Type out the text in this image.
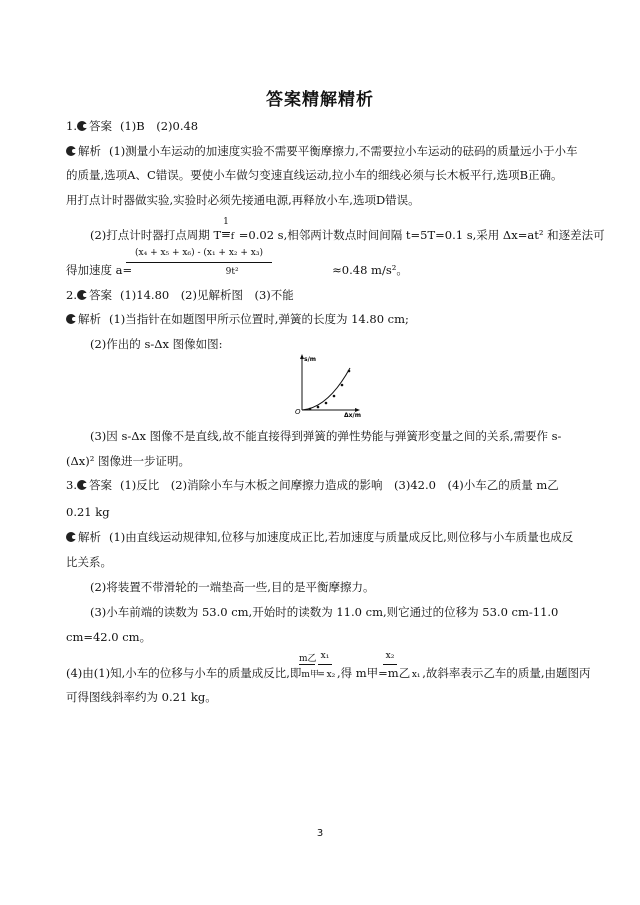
答案精解精析
1. 答案 (1)B　(2)0.48
解析 (1)测量小车运动的加速度实验不需要平衡摩擦力,不需要拉小车运动的砝码的质量远小于小车
的质量,选项A、C错误。要使小车做匀变速直线运动,拉小车的细线必须与长木板平行,选项B正确。
用打点计时器做实验,实验时必须先接通电源,再释放小车,选项D错误。
1
(2)打点计时器打点周期 T=f =0.02 s,相邻两计数点时间间隔 t=5T=0.1 s,采用 Δx=at² 和逐差法可
(x₄ + x₅ + x₆) - (x₁ + x₂ + x₃)
得加速度 a=	9t²	≈0.48 m/s²。
2. 答案 (1)14.80　(2)见解析图　(3)不能
解析 (1)当指针在如题图甲所示位置时,弹簧的长度为 14.80 cm;
(2)作出的 s-Δx 图像如图:
s/m
Δx/m
O
(3)因 s-Δx 图像不是直线,故不能直接得到弹簧的弹性势能与弹簧形变量之间的关系,需要作 s-
(Δx)² 图像进一步证明。
3. 答案 (1)反比　(2)消除小车与木板之间摩擦力造成的影响　(3)42.0　(4)小车乙的质量 m乙
0.21 kg
解析 (1)由直线运动规律知,位移与加速度成正比,若加速度与质量成反比,则位移与小车质量也成反
比关系。
(2)将装置不带滑轮的一端垫高一些,目的是平衡摩擦力。
(3)小车前端的读数为 53.0 cm,开始时的读数为 11.0 cm,则它通过的位移为 53.0 cm-11.0
cm=42.0 cm。
m乙 x₁	x₂
(4)由(1)知,小车的位移与小车的质量成反比,即m甲= x₂ ,得 m甲=m乙 x₁ ,故斜率表示乙车的质量,由题图丙
可得图线斜率约为 0.21 kg。
3
